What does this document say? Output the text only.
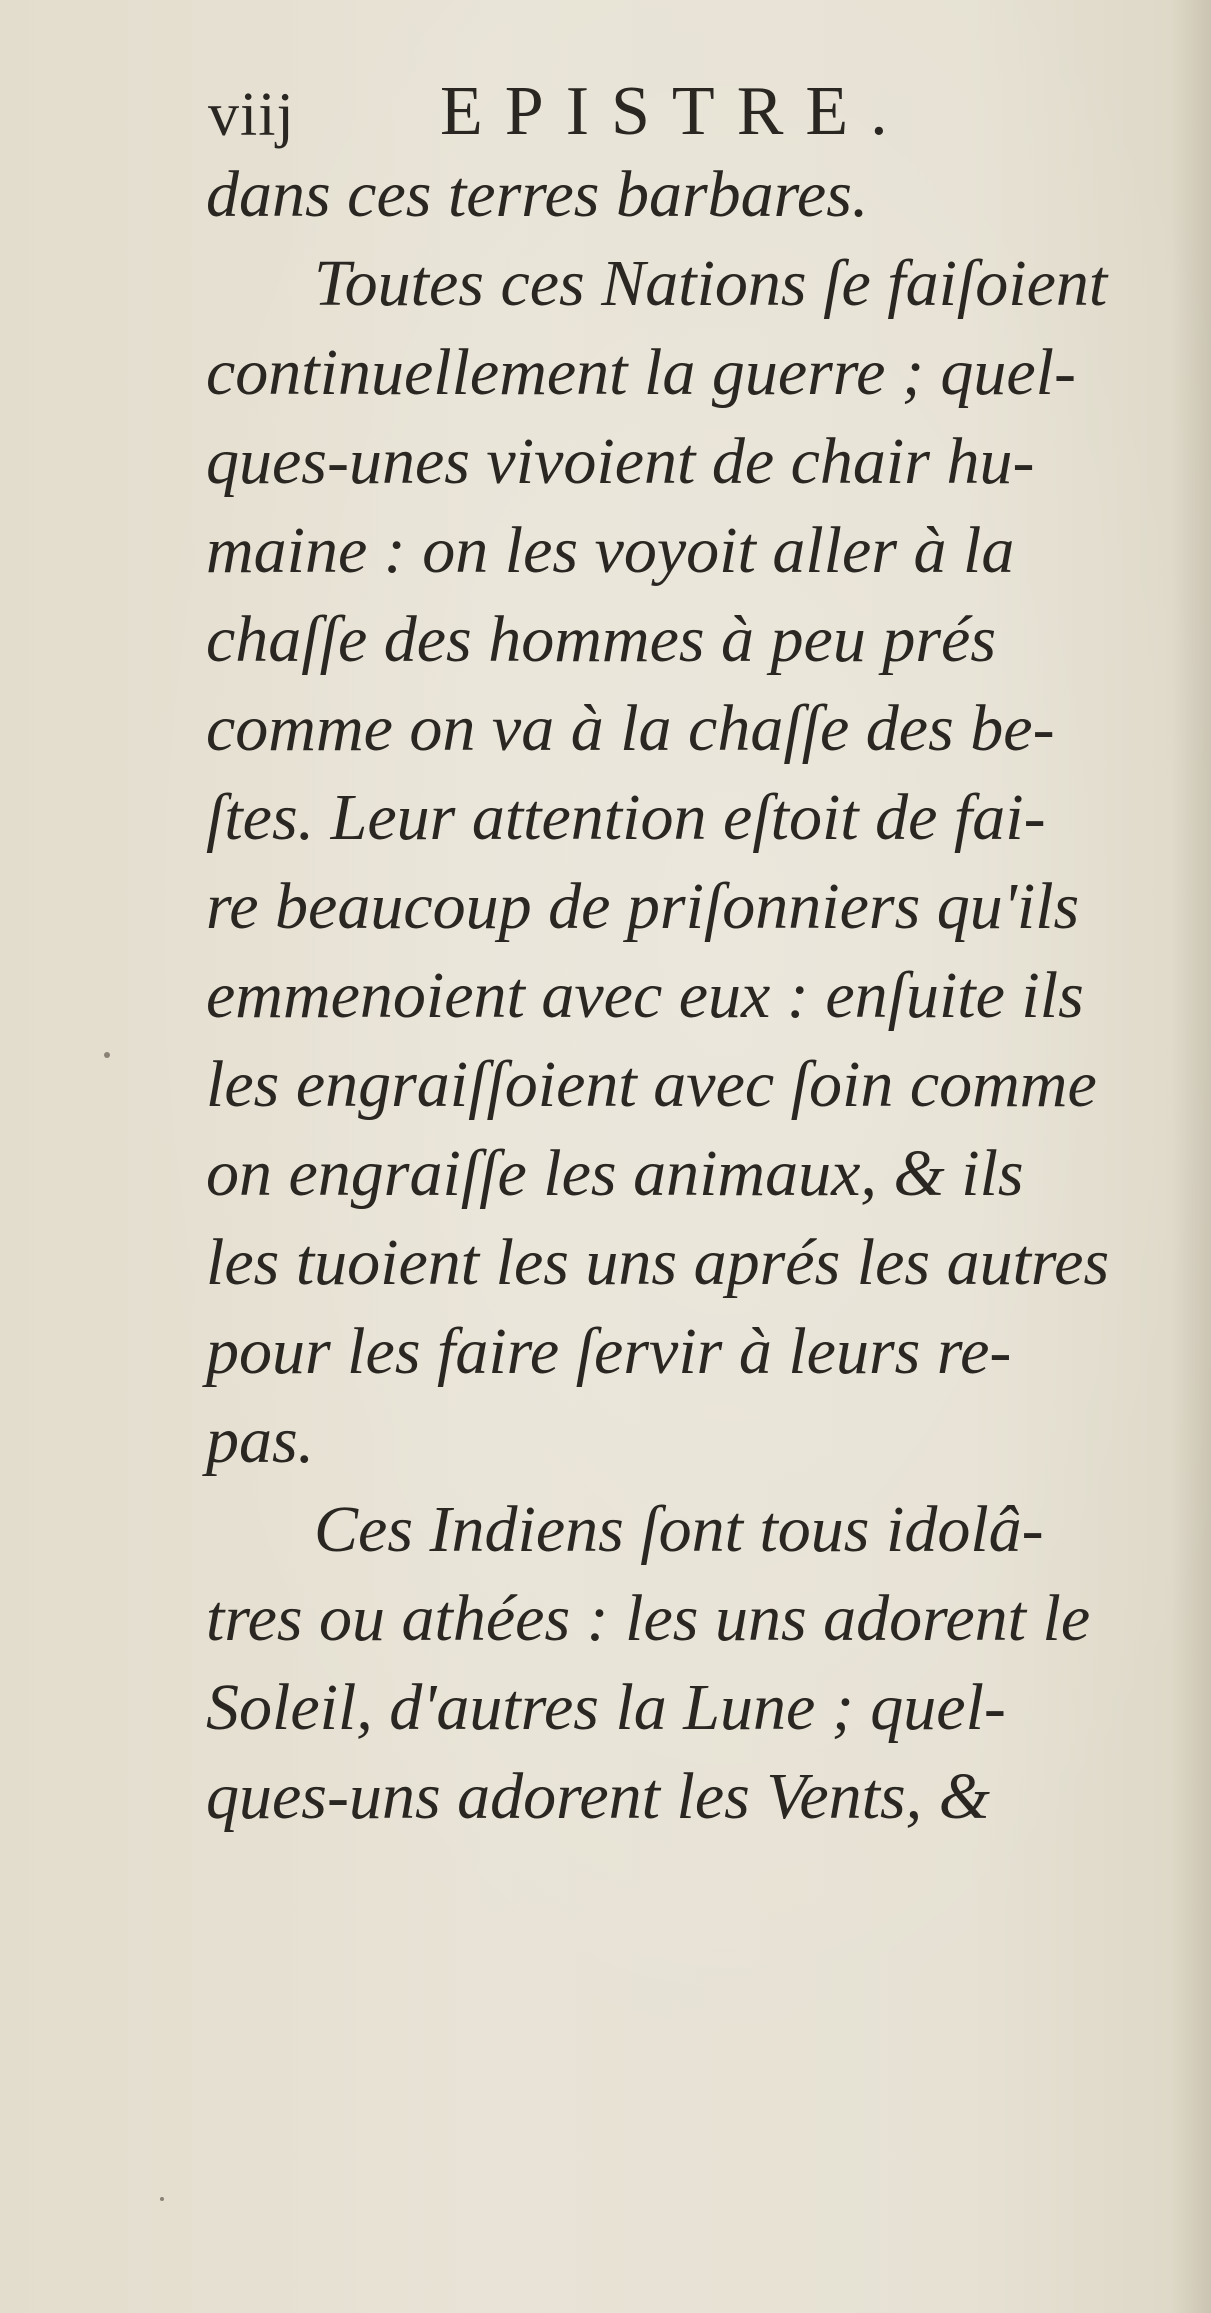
viij EPISTRE.
dans ces terres barbares.
Toutes ces Nations ſe faiſoient
continuellement la guerre ; quel-
ques-unes vivoient de chair hu-
maine : on les voyoit aller à la
chaſſe des hommes à peu prés
comme on va à la chaſſe des be-
ſtes. Leur attention eſtoit de fai-
re beaucoup de priſonniers qu'ils
emmenoient avec eux : enſuite ils
les engraiſſoient avec ſoin comme
on engraiſſe les animaux, & ils
les tuoient les uns aprés les autres
pour les faire ſervir à leurs re-
pas.
Ces Indiens ſont tous idolâ-
tres ou athées : les uns adorent le
Soleil, d'autres la Lune ; quel-
ques-uns adorent les Vents, &
